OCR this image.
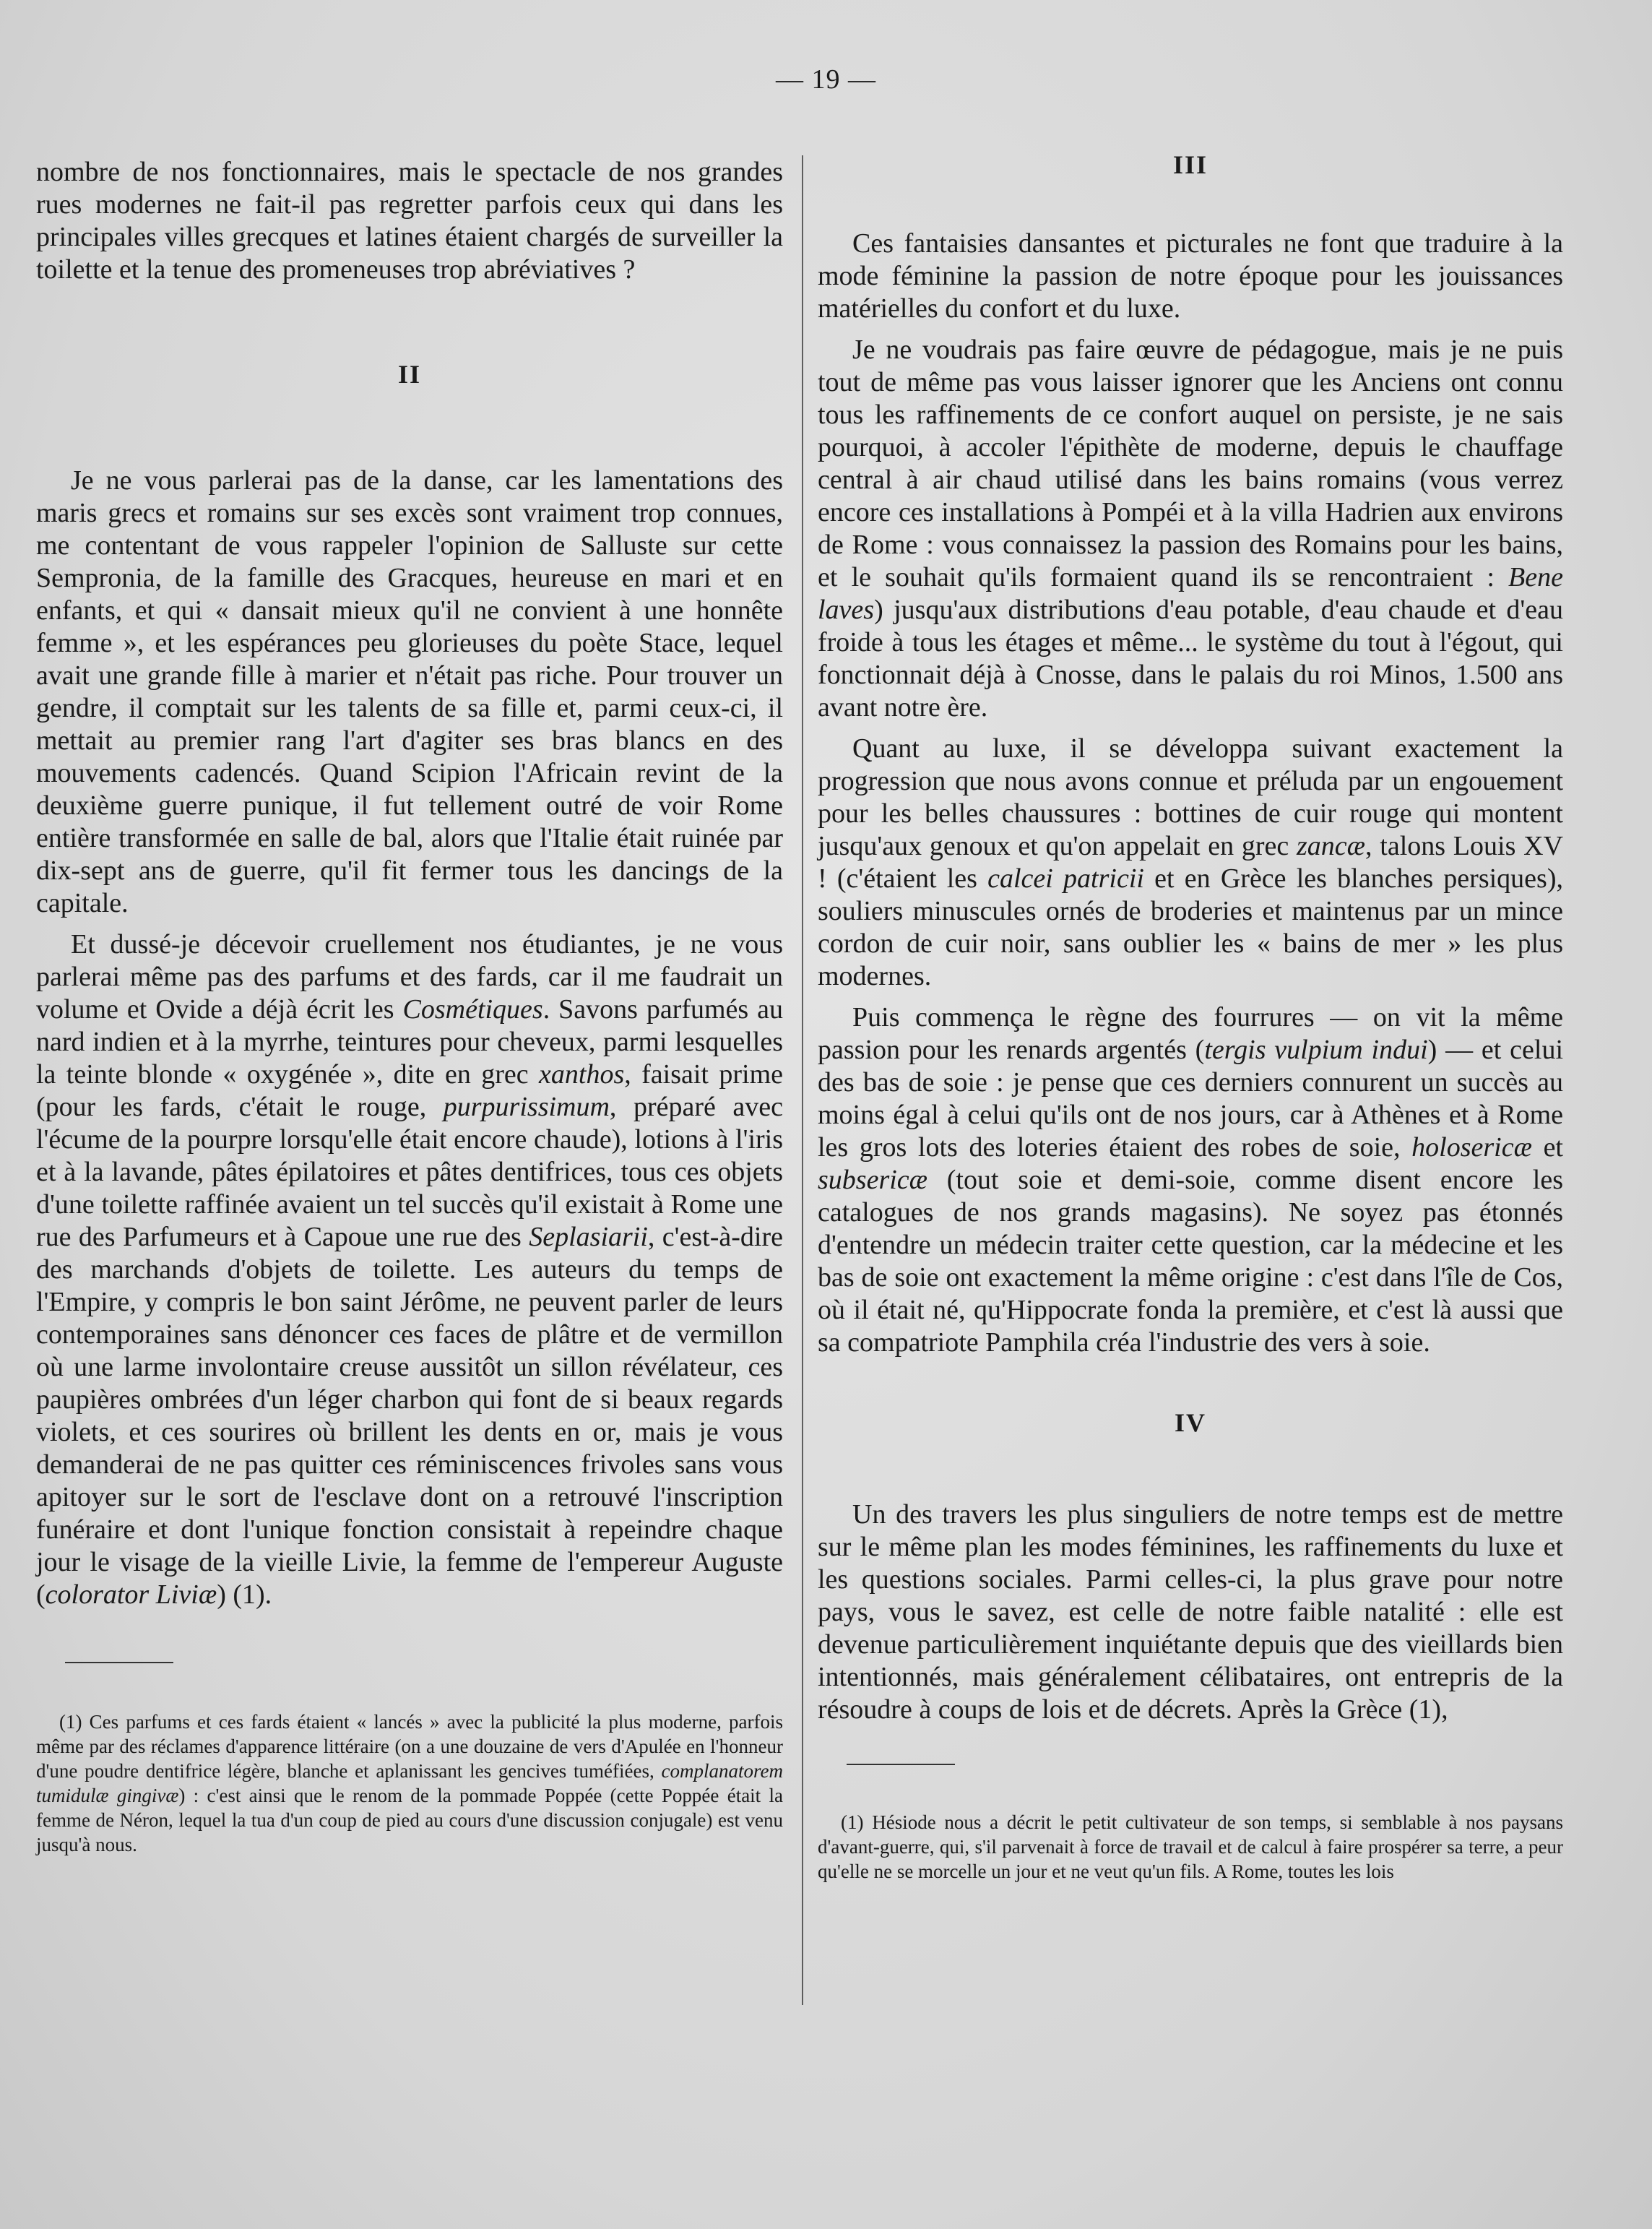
— 19 —

nombre de nos fonctionnaires, mais le spectacle de nos grandes rues modernes ne fait-il pas regretter parfois ceux qui dans les principales villes grecques et latines étaient chargés de surveiller la toilette et la tenue des promeneuses trop abréviatives ?

II

Je ne vous parlerai pas de la danse, car les lamentations des maris grecs et romains sur ses excès sont vraiment trop connues, me contentant de vous rappeler l'opinion de Salluste sur cette Sempronia, de la famille des Gracques, heureuse en mari et en enfants, et qui « dansait mieux qu'il ne convient à une honnête femme », et les espérances peu glorieuses du poète Stace, lequel avait une grande fille à marier et n'était pas riche. Pour trouver un gendre, il comptait sur les talents de sa fille et, parmi ceux-ci, il mettait au premier rang l'art d'agiter ses bras blancs en des mouvements cadencés. Quand Scipion l'Africain revint de la deuxième guerre punique, il fut tellement outré de voir Rome entière transformée en salle de bal, alors que l'Italie était ruinée par dix-sept ans de guerre, qu'il fit fermer tous les dancings de la capitale.

Et dussé-je décevoir cruellement nos étudiantes, je ne vous parlerai même pas des parfums et des fards, car il me faudrait un volume et Ovide a déjà écrit les Cosmétiques. Savons parfumés au nard indien et à la myrrhe, teintures pour cheveux, parmi lesquelles la teinte blonde « oxygénée », dite en grec xanthos, faisait prime (pour les fards, c'était le rouge, purpurissimum, préparé avec l'écume de la pourpre lorsqu'elle était encore chaude), lotions à l'iris et à la lavande, pâtes épilatoires et pâtes dentifrices, tous ces objets d'une toilette raffinée avaient un tel succès qu'il existait à Rome une rue des Parfumeurs et à Capoue une rue des Seplasiarii, c'est-à-dire des marchands d'objets de toilette. Les auteurs du temps de l'Empire, y compris le bon saint Jérôme, ne peuvent parler de leurs contemporaines sans dénoncer ces faces de plâtre et de vermillon où une larme involontaire creuse aussitôt un sillon révélateur, ces paupières ombrées d'un léger charbon qui font de si beaux regards violets, et ces sourires où brillent les dents en or, mais je vous demanderai de ne pas quitter ces réminiscences frivoles sans vous apitoyer sur le sort de l'esclave dont on a retrouvé l'inscription funéraire et dont l'unique fonction consistait à repeindre chaque jour le visage de la vieille Livie, la femme de l'empereur Auguste (colorator Liviæ) (1).

(1) Ces parfums et ces fards étaient « lancés » avec la publicité la plus moderne, parfois même par des réclames d'apparence littéraire (on a une douzaine de vers d'Apulée en l'honneur d'une poudre dentifrice légère, blanche et aplanissant les gencives tuméfiées, complanatorem tumidulæ gingivæ) : c'est ainsi que le renom de la pommade Poppée (cette Poppée était la femme de Néron, lequel la tua d'un coup de pied au cours d'une discussion conjugale) est venu jusqu'à nous.

III

Ces fantaisies dansantes et picturales ne font que traduire à la mode féminine la passion de notre époque pour les jouissances matérielles du confort et du luxe.

Je ne voudrais pas faire œuvre de pédagogue, mais je ne puis tout de même pas vous laisser ignorer que les Anciens ont connu tous les raffinements de ce confort auquel on persiste, je ne sais pourquoi, à accoler l'épithète de moderne, depuis le chauffage central à air chaud utilisé dans les bains romains (vous verrez encore ces installations à Pompéi et à la villa Hadrien aux environs de Rome : vous connaissez la passion des Romains pour les bains, et le souhait qu'ils formaient quand ils se rencontraient : Bene laves) jusqu'aux distributions d'eau potable, d'eau chaude et d'eau froide à tous les étages et même... le système du tout à l'égout, qui fonctionnait déjà à Cnosse, dans le palais du roi Minos, 1.500 ans avant notre ère.

Quant au luxe, il se développa suivant exactement la progression que nous avons connue et préluda par un engouement pour les belles chaussures : bottines de cuir rouge qui montent jusqu'aux genoux et qu'on appelait en grec zancæ, talons Louis XV ! (c'étaient les calcei patricii et en Grèce les blanches persiques), souliers minuscules ornés de broderies et maintenus par un mince cordon de cuir noir, sans oublier les « bains de mer » les plus modernes.

Puis commença le règne des fourrures — on vit la même passion pour les renards argentés (tergis vulpium indui) — et celui des bas de soie : je pense que ces derniers connurent un succès au moins égal à celui qu'ils ont de nos jours, car à Athènes et à Rome les gros lots des loteries étaient des robes de soie, holosericæ et subsericæ (tout soie et demi-soie, comme disent encore les catalogues de nos grands magasins). Ne soyez pas étonnés d'entendre un médecin traiter cette question, car la médecine et les bas de soie ont exactement la même origine : c'est dans l'île de Cos, où il était né, qu'Hippocrate fonda la première, et c'est là aussi que sa compatriote Pamphila créa l'industrie des vers à soie.

IV

Un des travers les plus singuliers de notre temps est de mettre sur le même plan les modes féminines, les raffinements du luxe et les questions sociales. Parmi celles-ci, la plus grave pour notre pays, vous le savez, est celle de notre faible natalité : elle est devenue particulièrement inquiétante depuis que des vieillards bien intentionnés, mais généralement célibataires, ont entrepris de la résoudre à coups de lois et de décrets. Après la Grèce (1),

(1) Hésiode nous a décrit le petit cultivateur de son temps, si semblable à nos paysans d'avant-guerre, qui, s'il parvenait à force de travail et de calcul à faire prospérer sa terre, a peur qu'elle ne se morcelle un jour et ne veut qu'un fils. A Rome, toutes les lois
